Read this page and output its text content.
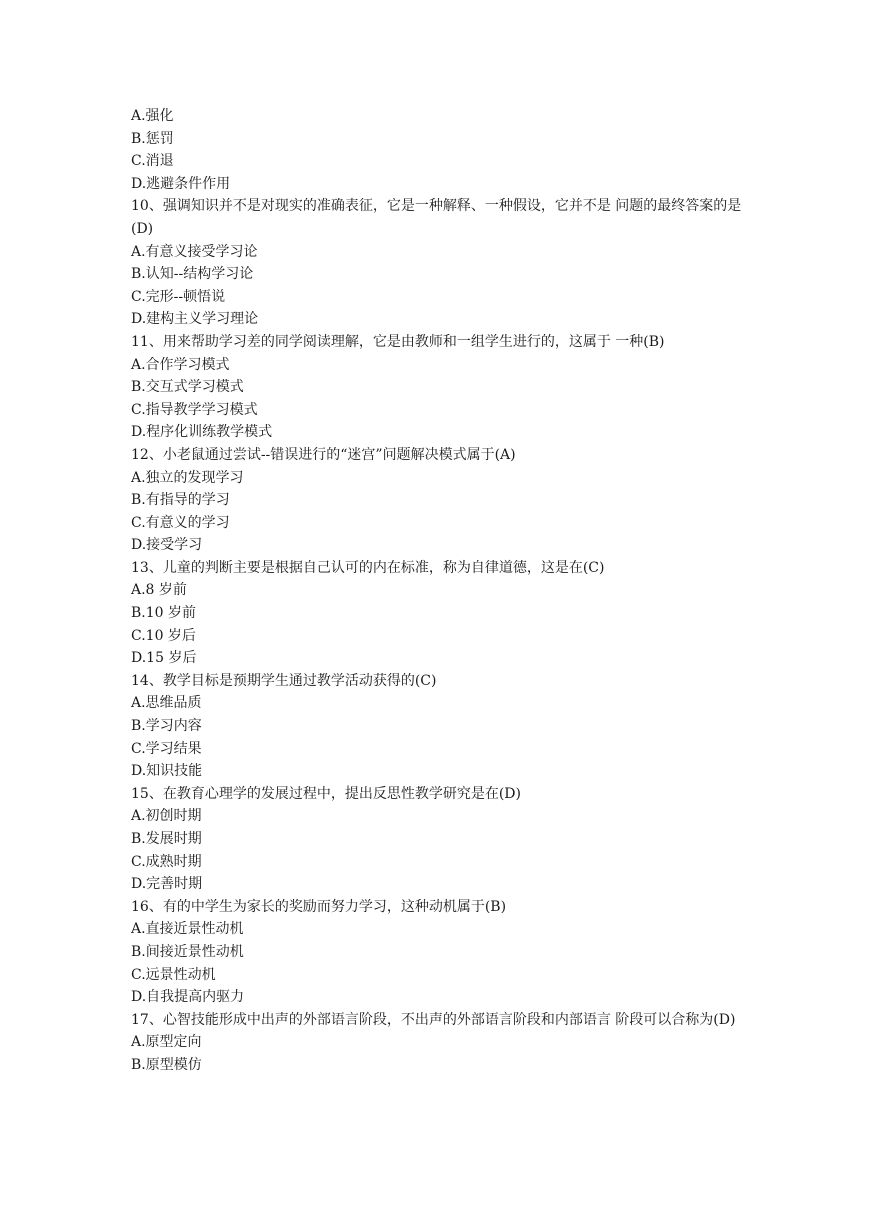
A.强化
B.惩罚
C.消退
D.逃避条件作用
10、强调知识并不是对现实的准确表征，它是一种解释、一种假设，它并不是 问题的最终答案的是(D)
A.有意义接受学习论
B.认知--结构学习论
C.完形--顿悟说
D.建构主义学习理论
11、用来帮助学习差的同学阅读理解，它是由教师和一组学生进行的，这属于 一种(B)
A.合作学习模式
B.交互式学习模式
C.指导教学学习模式
D.程序化训练教学模式
12、小老鼠通过尝试--错误进行的“迷宫”问题解决模式属于(A)
A.独立的发现学习
B.有指导的学习
C.有意义的学习
D.接受学习
13、儿童的判断主要是根据自己认可的内在标准，称为自律道德，这是在(C)
A.8 岁前
B.10 岁前
C.10 岁后
D.15 岁后
14、教学目标是预期学生通过教学活动获得的(C)
A.思维品质
B.学习内容
C.学习结果
D.知识技能
15、在教育心理学的发展过程中，提出反思性教学研究是在(D)
A.初创时期
B.发展时期
C.成熟时期
D.完善时期
16、有的中学生为家长的奖励而努力学习，这种动机属于(B)
A.直接近景性动机
B.间接近景性动机
C.远景性动机
D.自我提高内驱力
17、心智技能形成中出声的外部语言阶段，不出声的外部语言阶段和内部语言 阶段可以合称为(D)
A.原型定向
B.原型模仿
